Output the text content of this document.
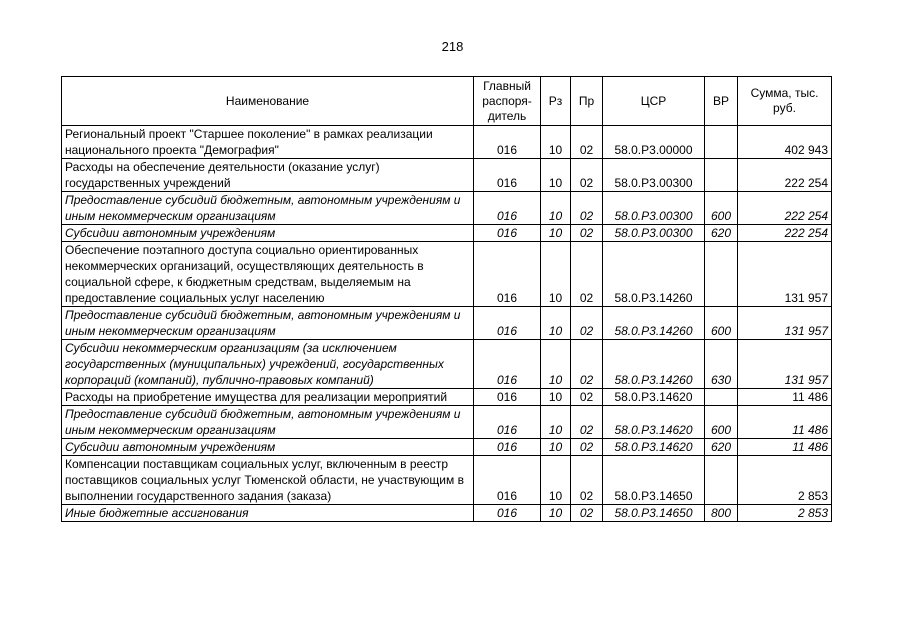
218
Наименование	Главный распоря-дитель	Рз	Пр	ЦСР	ВР	Сумма, тыс. руб.
Региональный проект "Старшее поколение" в рамках реализации национального проекта "Демография"	016	10	02	58.0.P3.00000		402 943
Расходы на обеспечение деятельности (оказание услуг) государственных учреждений	016	10	02	58.0.P3.00300		222 254
Предоставление субсидий бюджетным, автономным учреждениям и иным некоммерческим организациям	016	10	02	58.0.P3.00300	600	222 254
Субсидии автономным учреждениям	016	10	02	58.0.P3.00300	620	222 254
Обеспечение поэтапного доступа социально ориентированных некоммерческих организаций, осуществляющих деятельность в социальной сфере, к бюджетным средствам, выделяемым на предоставление социальных услуг населению	016	10	02	58.0.P3.14260		131 957
Предоставление субсидий бюджетным, автономным учреждениям и иным некоммерческим организациям	016	10	02	58.0.P3.14260	600	131 957
Субсидии некоммерческим организациям (за исключением государственных (муниципальных) учреждений, государственных корпораций (компаний), публично-правовых компаний)	016	10	02	58.0.P3.14260	630	131 957
Расходы на приобретение имущества для реализации мероприятий	016	10	02	58.0.P3.14620		11 486
Предоставление субсидий бюджетным, автономным учреждениям и иным некоммерческим организациям	016	10	02	58.0.P3.14620	600	11 486
Субсидии автономным учреждениям	016	10	02	58.0.P3.14620	620	11 486
Компенсации поставщикам социальных услуг, включенным в реестр поставщиков социальных услуг Тюменской области, не участвующим в выполнении государственного задания (заказа)	016	10	02	58.0.P3.14650		2 853
Иные бюджетные ассигнования	016	10	02	58.0.P3.14650	800	2 853
